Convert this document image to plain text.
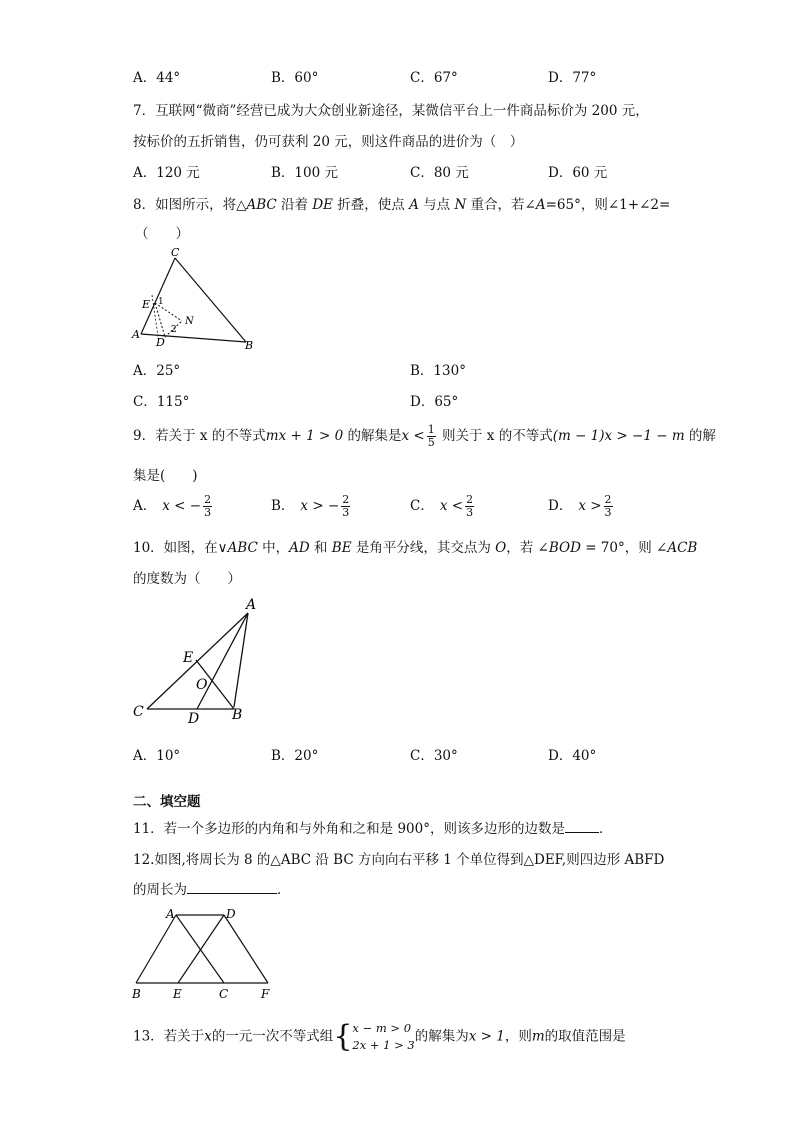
A．44°	B．60°	C．67°	D．77°
7．互联网“微商”经营已成为大众创业新途径，某微信平台上一件商品标价为 200 元，
按标价的五折销售，仍可获利 20 元，则这件商品的进价为（　）
A．120 元	B．100 元	C．80 元	D．60 元
8．如图所示，将△ABC 沿着 DE 折叠，使点 A 与点 N 重合，若∠A=65°，则∠1+∠2=
（　　）
C
E 1
N
2
A
D	B
A．25°	B．130°
C．115°	D．65°
9．若关于 x 的不等式mx + 1 > 0 的解集是$x < \frac{1}{5}$ 则关于 x 的不等式(m − 1)x > −1 − m 的解
集是(　　)
A． x < − $\frac{2}{3}$	B． x > − $\frac{2}{3}$	C． $x < \frac{2}{3}$	D． $x > \frac{2}{3}$
10．如图，在∨ABC 中，AD 和 BE 是角平分线，其交点为 O，若 ∠BOD = 70°，则 ∠ACB
的度数为（　　）
A
E
O
C	D B
A．10°	B．20°	C．30°	D．40°
二、填空题
11．若一个多边形的内角和与外角和之和是 900°，则该多边形的边数是	．
12.如图,将周长为 8 的△ABC 沿 BC 方向向右平移 1 个单位得到△DEF,则四边形 ABFD
的周长为	．
A	D
B	E	C	F
13．若关于x的一元一次不等式组{ x − m > 0
2x + 1 > 3
的解集为x > 1，则m的取值范围是
